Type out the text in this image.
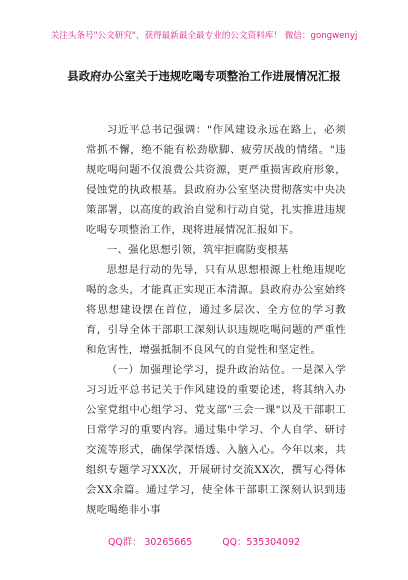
关注头条号"公文研究"，获得最新最全最专业的公文资料库！ 微信：gongwenyj
县政府办公室关于违规吃喝专项整治工作进展情况汇报

习近平总书记强调："作风建设永远在路上，必须常抓不懈，绝不能有松劲歇脚、疲劳厌战的情绪。"违规吃喝问题不仅浪费公共资源，更严重损害政府形象，侵蚀党的执政根基。县政府办公室坚决贯彻落实中央决策部署，以高度的政治自觉和行动自觉，扎实推进违规吃喝专项整治工作，现将进展情况汇报如下。

一、强化思想引领，筑牢拒腐防变根基

思想是行动的先导，只有从思想根源上杜绝违规吃喝的念头，才能真正实现正本清源。县政府办公室始终将思想建设摆在首位，通过多层次、全方位的学习教育，引导全体干部职工深刻认识违规吃喝问题的严重性和危害性，增强抵制不良风气的自觉性和坚定性。

（一）加强理论学习，提升政治站位。一是深入学习习近平总书记关于作风建设的重要论述，将其纳入办公室党组中心组学习、党支部"三会一课"以及干部职工日常学习的重要内容。通过集中学习、个人自学、研讨交流等形式，确保学深悟透、入脑入心。今年以来，共组织专题学习XX次，开展研讨交流XX次，撰写心得体会XX余篇。通过学习，使全体干部职工深刻认识到违规吃喝绝非小事

QQ群： 30265665	QQ：535304092
